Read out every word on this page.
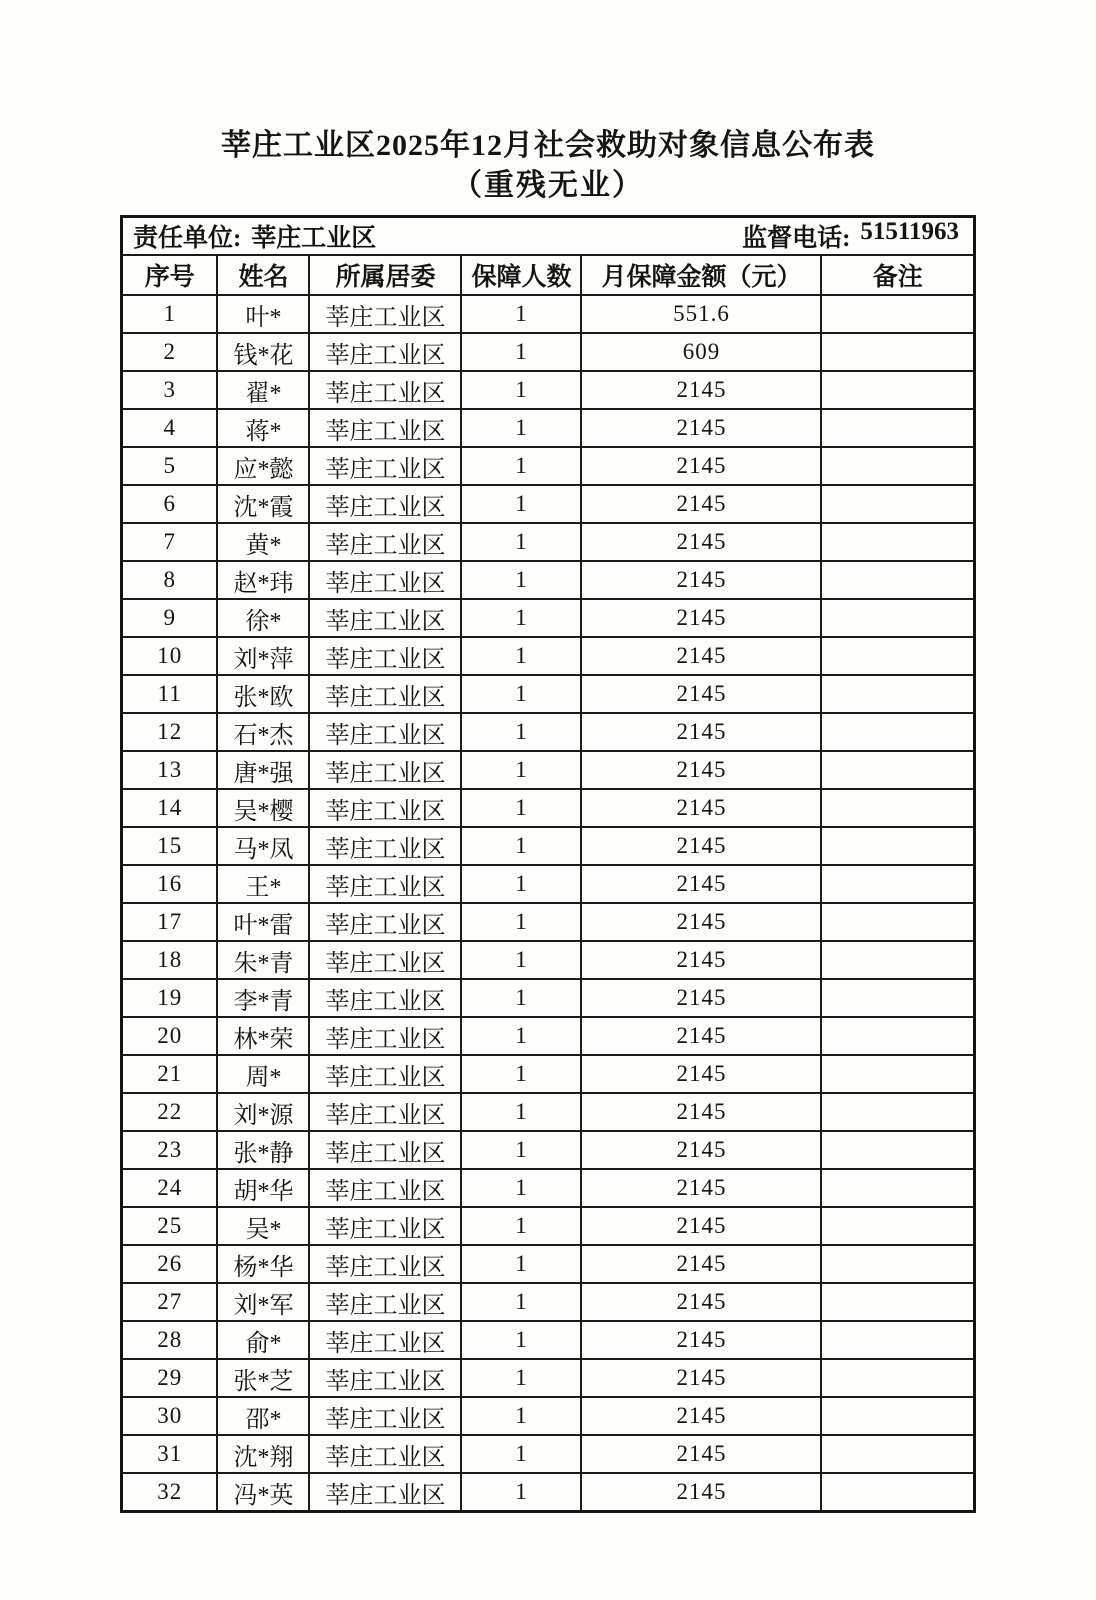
莘庄工业区2025年12月社会救助对象信息公布表
（重残无业）
责任单位: 莘庄工业区 监督电话: 51511963					

序号	姓名	所属居委	保障人数	月保障金额（元）	备注
1	叶*	莘庄工业区	1	551.6	
2	钱*花	莘庄工业区	1	609	
3	翟*	莘庄工业区	1	2145	
4	蒋*	莘庄工业区	1	2145	
5	应*懿	莘庄工业区	1	2145	
6	沈*霞	莘庄工业区	1	2145	
7	黄*	莘庄工业区	1	2145	
8	赵*玮	莘庄工业区	1	2145	
9	徐*	莘庄工业区	1	2145	
10	刘*萍	莘庄工业区	1	2145	
11	张*欧	莘庄工业区	1	2145	
12	石*杰	莘庄工业区	1	2145	
13	唐*强	莘庄工业区	1	2145	
14	吴*樱	莘庄工业区	1	2145	
15	马*凤	莘庄工业区	1	2145	
16	王*	莘庄工业区	1	2145	
17	叶*雷	莘庄工业区	1	2145	
18	朱*青	莘庄工业区	1	2145	
19	李*青	莘庄工业区	1	2145	
20	林*荣	莘庄工业区	1	2145	
21	周*	莘庄工业区	1	2145	
22	刘*源	莘庄工业区	1	2145	
23	张*静	莘庄工业区	1	2145	
24	胡*华	莘庄工业区	1	2145	
25	吴*	莘庄工业区	1	2145	
26	杨*华	莘庄工业区	1	2145	
27	刘*军	莘庄工业区	1	2145	
28	俞*	莘庄工业区	1	2145	
29	张*芝	莘庄工业区	1	2145	
30	邵*	莘庄工业区	1	2145	
31	沈*翔	莘庄工业区	1	2145	
32	冯*英	莘庄工业区	1	2145	
